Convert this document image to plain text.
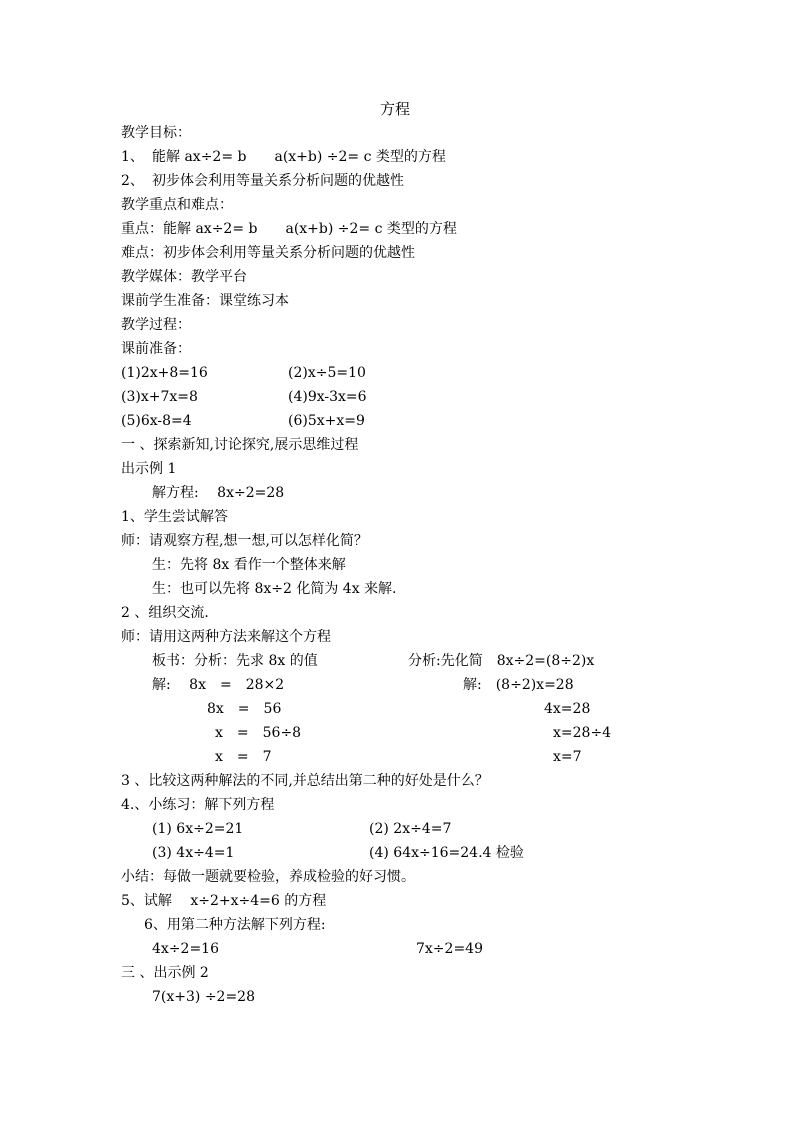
方程
教学目标：
1、 能解 ax÷2= b　　a(x+b) ÷2= c 类型的方程
2、 初步体会利用等量关系分析问题的优越性
教学重点和难点：
重点：能解 ax÷2= b　　a(x+b) ÷2= c 类型的方程
难点：初步体会利用等量关系分析问题的优越性
教学媒体：教学平台
课前学生准备：课堂练习本
教学过程：
课前准备：
(1)2x+8=16	(2)x÷5=10
(3)x+7x=8	(4)9x-3x=6
(5)6x-8=4	(6)5x+x=9
一 、探索新知,讨论探究,展示思维过程
出示例 1
解方程:　 8x÷2=28
1、学生尝试解答
师：请观察方程,想一想,可以怎样化简？
生：先将 8x 看作一个整体来解
生：也可以先将 8x÷2 化简为 4x 来解.
2 、组织交流.
师：请用这两种方法来解这个方程
板书：分析：先求 8x 的值	分析:先化简　8x÷2=(8÷2)x
解:　 8x　=　28×2	解:　(8÷2)x=28
8x　=　56	4x=28
x　=　56÷8	x=28÷4
x　=　7	x=7
3 、比较这两种解法的不同,并总结出第二种的好处是什么？
4.、小练习：解下列方程
(1) 6x÷2=21	(2) 2x÷4=7
(3) 4x÷4=1	(4) 64x÷16=24.4 检验
小结：每做一题就要检验，养成检验的好习惯。
5、试解　 x÷2+x÷4=6 的方程
6、用第二种方法解下列方程:
4x÷2=16	7x÷2=49
三 、出示例 2
7(x+3) ÷2=28
